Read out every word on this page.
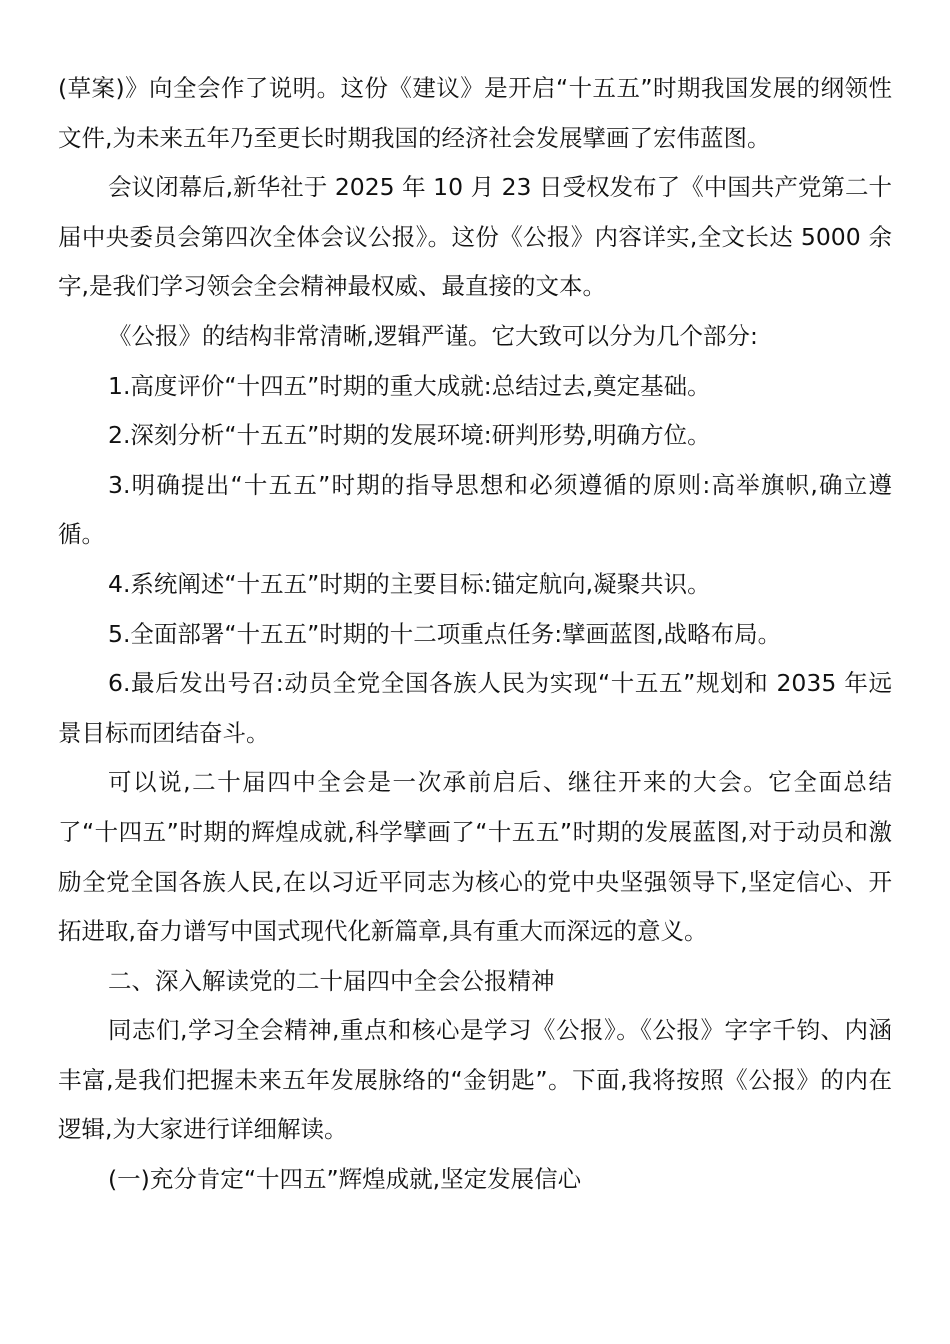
(草案)》向全会作了说明。这份《建议》是开启“十五五”时期我国发展的纲领性文件,为未来五年乃至更长时期我国的经济社会发展擘画了宏伟蓝图。

会议闭幕后,新华社于 2025 年 10 月 23 日受权发布了《中国共产党第二十届中央委员会第四次全体会议公报》。这份《公报》内容详实,全文长达 5000 余字,是我们学习领会全会精神最权威、最直接的文本。

《公报》的结构非常清晰,逻辑严谨。它大致可以分为几个部分:

1.高度评价“十四五”时期的重大成就:总结过去,奠定基础。

2.深刻分析“十五五”时期的发展环境:研判形势,明确方位。

3.明确提出“十五五”时期的指导思想和必须遵循的原则:高举旗帜,确立遵循。

4.系统阐述“十五五”时期的主要目标:锚定航向,凝聚共识。

5.全面部署“十五五”时期的十二项重点任务:擘画蓝图,战略布局。

6.最后发出号召:动员全党全国各族人民为实现“十五五”规划和 2035 年远景目标而团结奋斗。

可以说,二十届四中全会是一次承前启后、继往开来的大会。它全面总结了“十四五”时期的辉煌成就,科学擘画了“十五五”时期的发展蓝图,对于动员和激励全党全国各族人民,在以习近平同志为核心的党中央坚强领导下,坚定信心、开拓进取,奋力谱写中国式现代化新篇章,具有重大而深远的意义。

二、深入解读党的二十届四中全会公报精神

同志们,学习全会精神,重点和核心是学习《公报》。《公报》字字千钧、内涵丰富,是我们把握未来五年发展脉络的“金钥匙”。下面,我将按照《公报》的内在逻辑,为大家进行详细解读。

(一)充分肯定“十四五”辉煌成就,坚定发展信心
